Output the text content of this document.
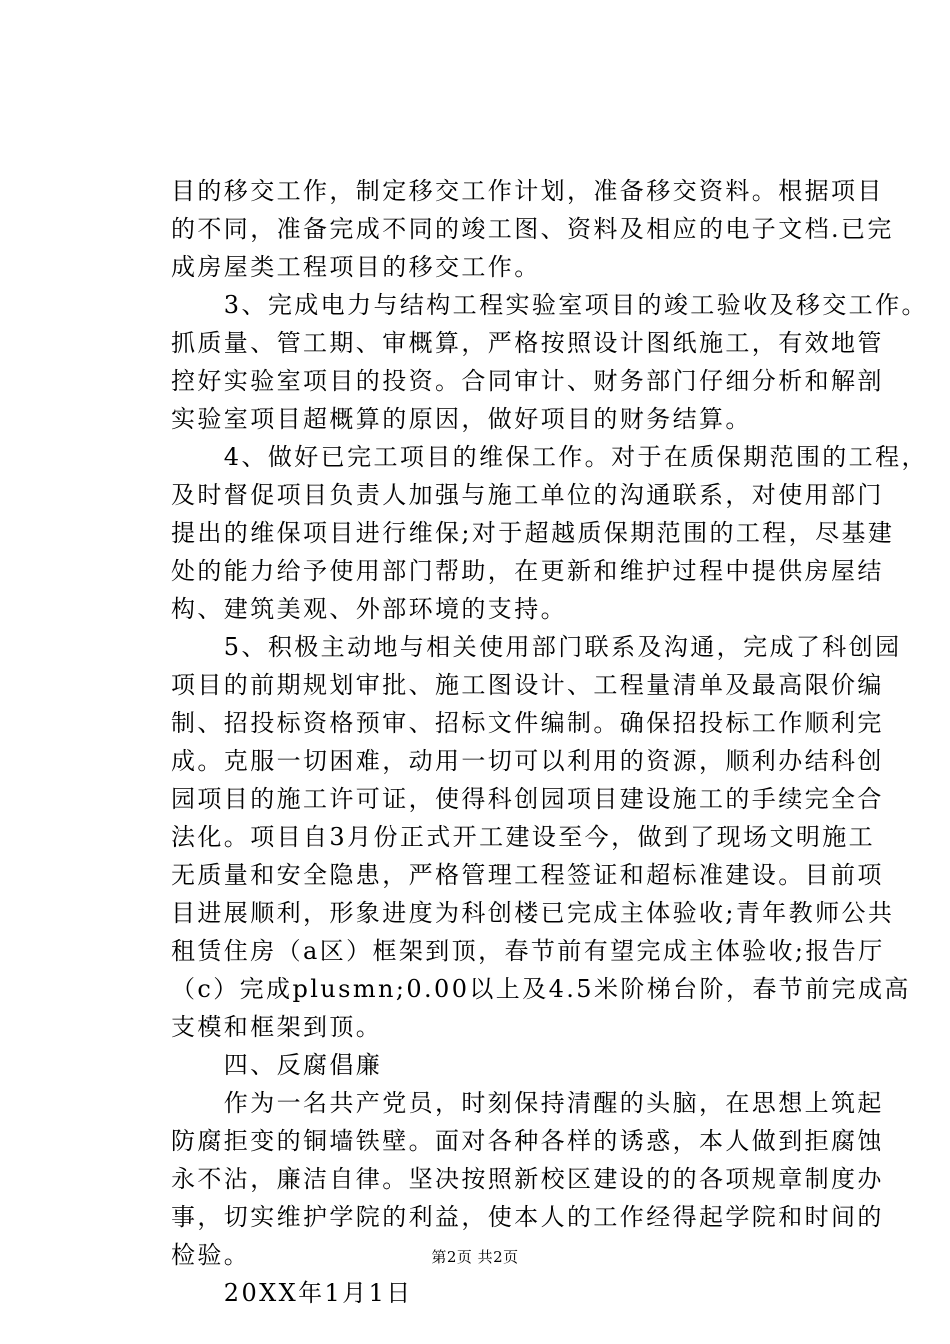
目的移交工作，制定移交工作计划，准备移交资料。根据项目
的不同，准备完成不同的竣工图、资料及相应的电子文档.已完
成房屋类工程项目的移交工作。
　　3、完成电力与结构工程实验室项目的竣工验收及移交工作。
抓质量、管工期、审概算，严格按照设计图纸施工，有效地管
控好实验室项目的投资。合同审计、财务部门仔细分析和解剖
实验室项目超概算的原因，做好项目的财务结算。
　　4、做好已完工项目的维保工作。对于在质保期范围的工程，
及时督促项目负责人加强与施工单位的沟通联系，对使用部门
提出的维保项目进行维保;对于超越质保期范围的工程，尽基建
处的能力给予使用部门帮助，在更新和维护过程中提供房屋结
构、建筑美观、外部环境的支持。
　　5、积极主动地与相关使用部门联系及沟通，完成了科创园
项目的前期规划审批、施工图设计、工程量清单及最高限价编
制、招投标资格预审、招标文件编制。确保招投标工作顺利完
成。克服一切困难，动用一切可以利用的资源，顺利办结科创
园项目的施工许可证，使得科创园项目建设施工的手续完全合
法化。项目自3月份正式开工建设至今，做到了现场文明施工
无质量和安全隐患，严格管理工程签证和超标准建设。目前项
目进展顺利，形象进度为科创楼已完成主体验收;青年教师公共
租赁住房（a区）框架到顶，春节前有望完成主体验收;报告厅
（c）完成plusmn;0.00以上及4.5米阶梯台阶，春节前完成高
支模和框架到顶。
　　四、反腐倡廉
　　作为一名共产党员，时刻保持清醒的头脑，在思想上筑起
防腐拒变的铜墙铁壁。面对各种各样的诱惑，本人做到拒腐蚀
永不沾，廉洁自律。坚决按照新校区建设的的各项规章制度办
事，切实维护学院的利益，使本人的工作经得起学院和时间的
检验。
　　20XX年1月1日
第2页 共2页
